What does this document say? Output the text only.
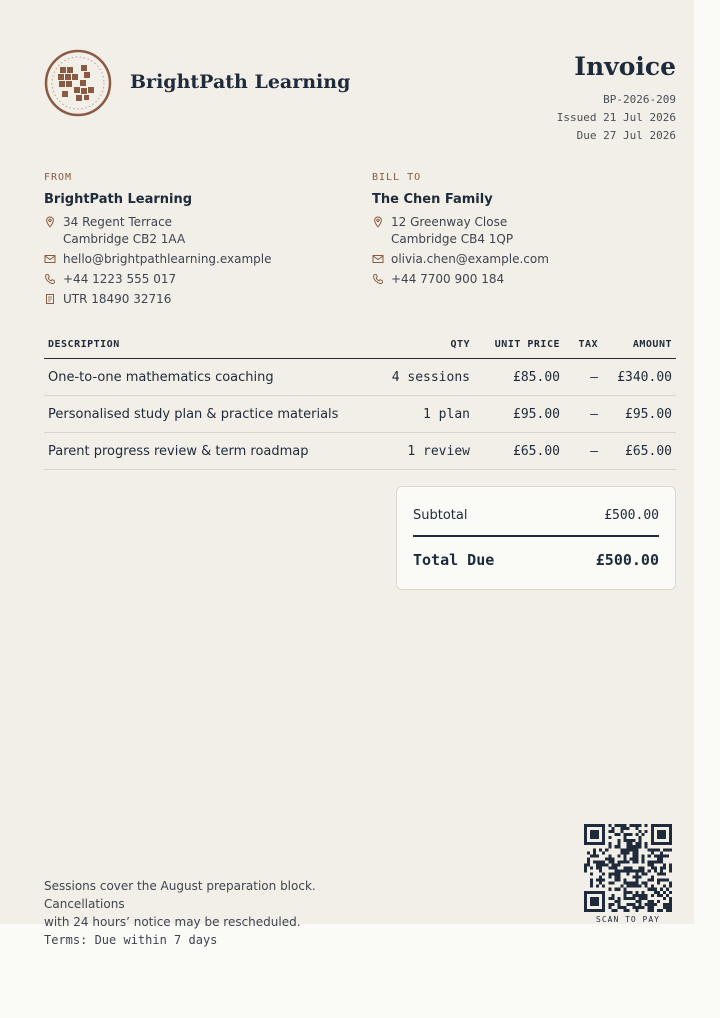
BrightPath Learning
Invoice
BP-2026-209
Issued 21 Jul 2026
Due 27 Jul 2026
FROM
BrightPath Learning
34 Regent Terrace
Cambridge CB2 1AA
hello@brightpathlearning.example
+44 1223 555 017
UTR 18490 32716
BILL TO
The Chen Family
12 Greenway Close
Cambridge CB4 1QP
olivia.chen@example.com
+44 7700 900 184
DESCRIPTION	QTY	UNIT PRICE	TAX	AMOUNT
One-to-one mathematics coaching	4 sessions	£85.00	—	£340.00
Personalised study plan & practice materials	1 plan	£95.00	—	£95.00
Parent progress review & term roadmap	1 review	£65.00	—	£65.00
Subtotal	£500.00
Total Due	£500.00
Sessions cover the August preparation block. Cancellations
with 24 hours’ notice may be rescheduled.
Terms: Due within 7 days
SCAN TO PAY
